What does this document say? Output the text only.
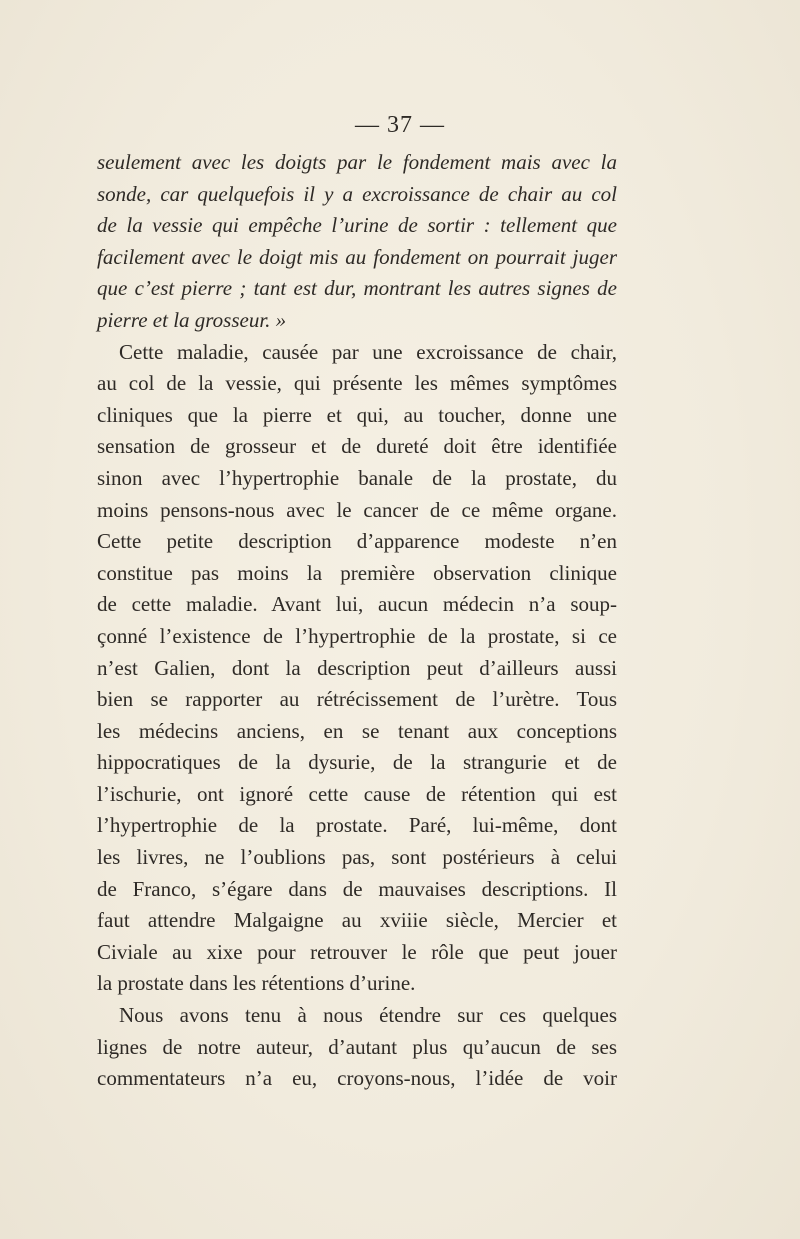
— 37 —
seulement avec les doigts par le fondement mais avec la
sonde, car quelquefois il y a excroissance de chair au col
de la vessie qui empêche l’urine de sortir : tellement que
facilement avec le doigt mis au fondement on pourrait juger
que c’est pierre ; tant est dur, montrant les autres signes de
pierre et la grosseur. »
Cette maladie, causée par une excroissance de chair,
au col de la vessie, qui présente les mêmes symptômes
cliniques que la pierre et qui, au toucher, donne une
sensation de grosseur et de dureté doit être identifiée
sinon avec l’hypertrophie banale de la prostate, du
moins pensons-nous avec le cancer de ce même organe.
Cette petite description d’apparence modeste n’en
constitue pas moins la première observation clinique
de cette maladie. Avant lui, aucun médecin n’a soup-
çonné l’existence de l’hypertrophie de la prostate, si ce
n’est Galien, dont la description peut d’ailleurs aussi
bien se rapporter au rétrécissement de l’urètre. Tous
les médecins anciens, en se tenant aux conceptions
hippocratiques de la dysurie, de la strangurie et de
l’ischurie, ont ignoré cette cause de rétention qui est
l’hypertrophie de la prostate. Paré, lui-même, dont
les livres, ne l’oublions pas, sont postérieurs à celui
de Franco, s’égare dans de mauvaises descriptions. Il
faut attendre Malgaigne au xviiie siècle, Mercier et
Civiale au xixe pour retrouver le rôle que peut jouer
la prostate dans les rétentions d’urine.
Nous avons tenu à nous étendre sur ces quelques
lignes de notre auteur, d’autant plus qu’aucun de ses
commentateurs n’a eu, croyons-nous, l’idée de voir
